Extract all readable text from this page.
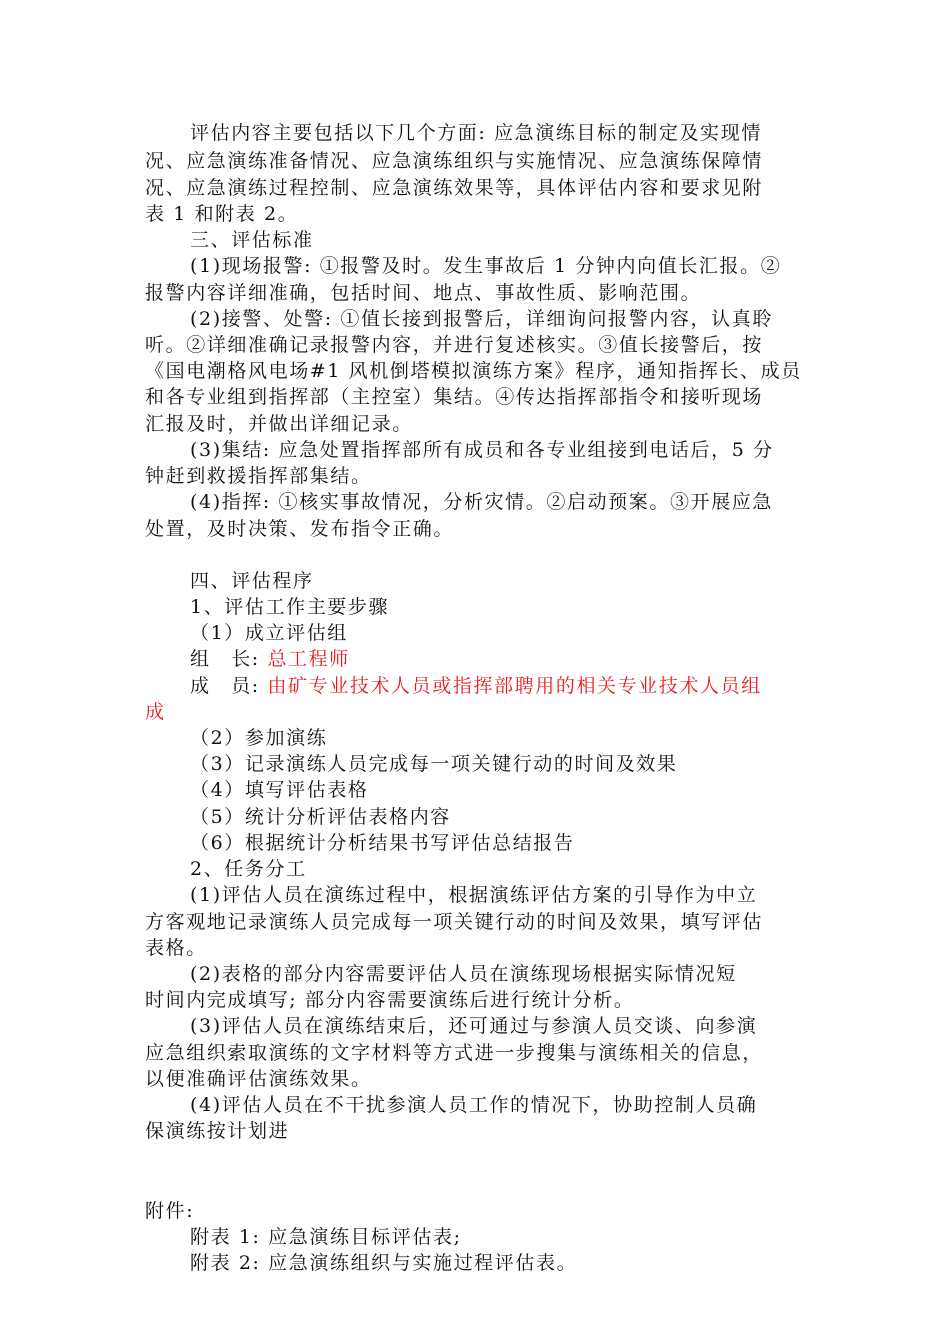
评估内容主要包括以下几个方面: 应急演练目标的制定及实现情
况、应急演练准备情况、应急演练组织与实施情况、应急演练保障情
况、应急演练过程控制、应急演练效果等，具体评估内容和要求见附
表 1 和附表 2。
三、评估标准
(1)现场报警: ①报警及时。发生事故后 1 分钟内向值长汇报。②
报警内容详细准确，包括时间、地点、事故性质、影响范围。
(2)接警、处警: ①值长接到报警后，详细询问报警内容，认真聆
听。②详细准确记录报警内容，并进行复述核实。③值长接警后，按
《国电潮格风电场#1 风机倒塔模拟演练方案》程序，通知指挥长、成员
和各专业组到指挥部（主控室）集结。④传达指挥部指令和接听现场
汇报及时，并做出详细记录。
(3)集结: 应急处置指挥部所有成员和各专业组接到电话后，5 分
钟赶到救援指挥部集结。
(4)指挥: ①核实事故情况，分析灾情。②启动预案。③开展应急
处置，及时决策、发布指令正确。
四、评估程序
1、评估工作主要步骤
（1）成立评估组
组　长: 总工程师
成　员: 由矿专业技术人员或指挥部聘用的相关专业技术人员组
成
（2）参加演练
（3）记录演练人员完成每一项关键行动的时间及效果
（4）填写评估表格
（5）统计分析评估表格内容
（6）根据统计分析结果书写评估总结报告
2、任务分工
(1)评估人员在演练过程中，根据演练评估方案的引导作为中立
方客观地记录演练人员完成每一项关键行动的时间及效果，填写评估
表格。
(2)表格的部分内容需要评估人员在演练现场根据实际情况短
时间内完成填写; 部分内容需要演练后进行统计分析。
(3)评估人员在演练结束后，还可通过与参演人员交谈、向参演
应急组织索取演练的文字材料等方式进一步搜集与演练相关的信息，
以便准确评估演练效果。
(4)评估人员在不干扰参演人员工作的情况下，协助控制人员确
保演练按计划进
附件:
附表 1: 应急演练目标评估表;
附表 2: 应急演练组织与实施过程评估表。
